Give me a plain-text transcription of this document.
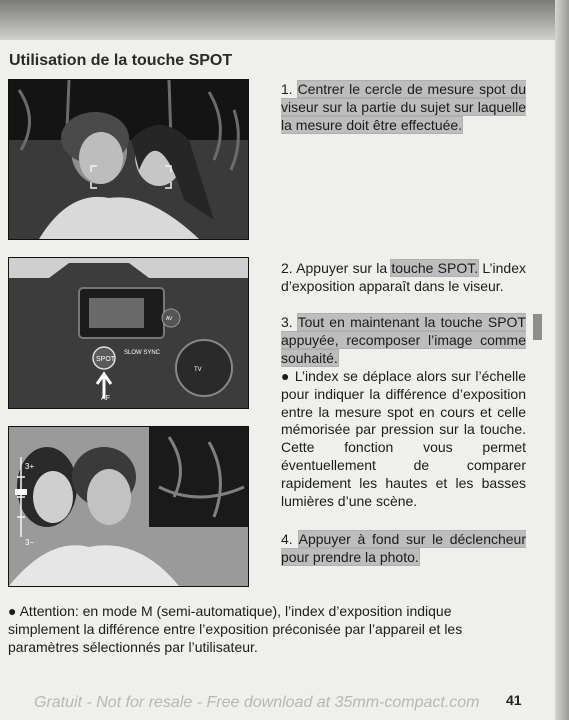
Utilisation de la touche SPOT
SPOT
SLOW SYNC
AF
AV
TV
3+
3−
1. Centrer le cercle de mesure spot du viseur sur la partie du sujet sur laquelle la mesure doit être effectuée.
2. Appuyer sur la touche SPOT. L’index d’exposition apparaît dans le viseur.
3. Tout en maintenant la touche SPOT appuyée, recomposer l’image comme souhaité.
● L’index se déplace alors sur l’échelle pour indiquer la différence d’exposition entre la mesure spot en cours et celle mémorisée par pression sur la touche. Cette fonction vous permet éventuellement de comparer rapidement les hautes et les basses lumières d’une scène.
4. Appuyer à fond sur le déclencheur pour prendre la photo.
● Attention: en mode M (semi-automatique), l’index d’exposition indique simplement la différence entre l’exposition préconisée par l’appareil et les paramètres sélectionnés par l’utilisateur.
Gratuit - Not for resale - Free download at 35mm-compact.com 41
